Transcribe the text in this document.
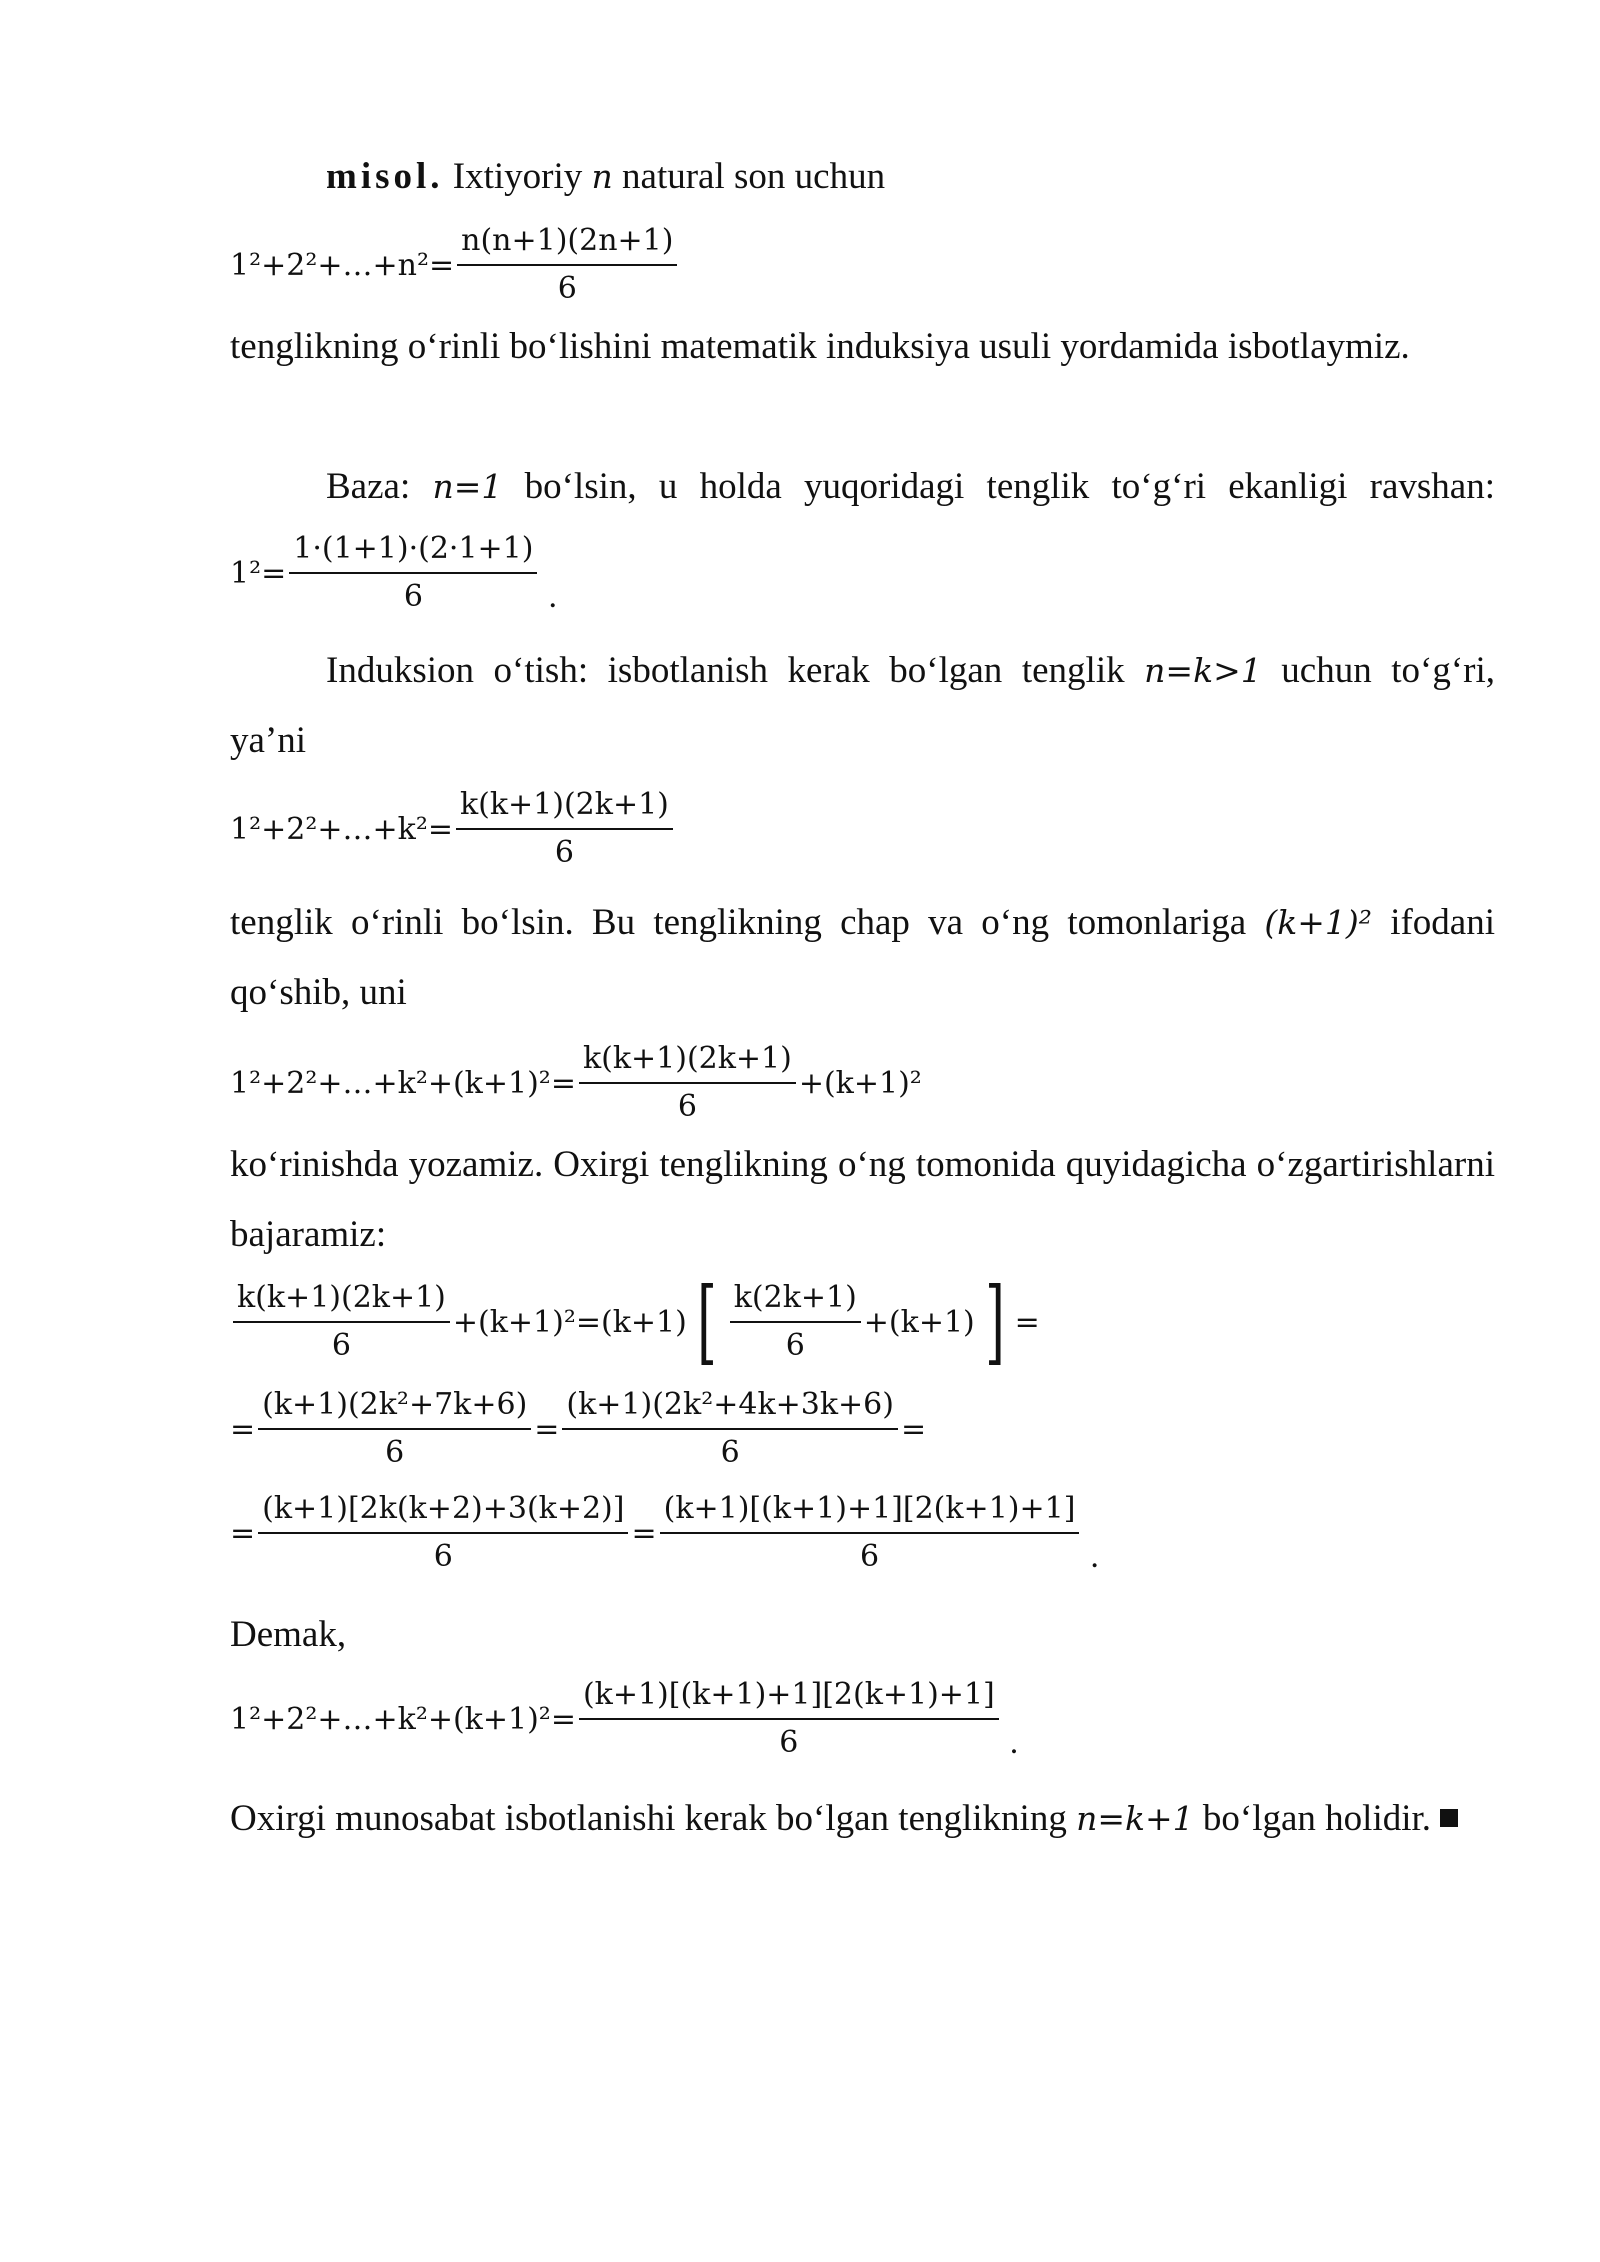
misol. Ixtiyoriy n natural son uchun

1²+2²+…+n²= $\frac{n(n+1)(2n+1)}{6}$

tenglikning o‘rinli bo‘lishini matematik induksiya usuli yordamida isbotlaymiz.

Baza: n=1 bo‘lsin, u holda yuqoridagi tenglik to‘g‘ri ekanligi ravshan:

$1^2= \frac{1\cdot(1+1)\cdot(2\cdot 1+1)}{6}$ .

Induksion o‘tish: isbotlanish kerak bo‘lgan tenglik n=k>1 uchun to‘g‘ri, ya’ni

1²+2²+…+k²= $\frac{k(k+1)(2k+1)}{6}$

tenglik o‘rinli bo‘lsin. Bu tenglikning chap va o‘ng tomonlariga (k+1)² ifodani qo‘shib, uni

1²+2²+…+k²+(k+1)²= $\frac{k(k+1)(2k+1)}{6} +(k+1)^2$

ko‘rinishda yozamiz. Oxirgi tenglikning o‘ng tomonida quyidagicha o‘zgartirishlarni bajaramiz:

$\frac{k(k+1)(2k+1)}{6} +(k+1)^2=(k+1)$ [ $\frac{k(2k+1)}{6} +(k+1)$ ] =
= $\frac{\text{(k+1)(2k²+7k+6)}}{6} = \frac{\text{(k+1)(2k²+4k+3k+6)}}{6}$ =
= $\frac{(k+1)[2k(k+2)+3(k+2)]}{6} = \frac{(k+1)[(k+1)+1][2(k+1)+1]}{6}$ .

Demak,

1²+2²+…+k²+(k+1)²= $\frac{(k+1)[(k+1)+1][2(k+1)+1]}{6}$ .

Oxirgi munosabat isbotlanishi kerak bo‘lgan tenglikning n=k+1 bo‘lgan holidir.
